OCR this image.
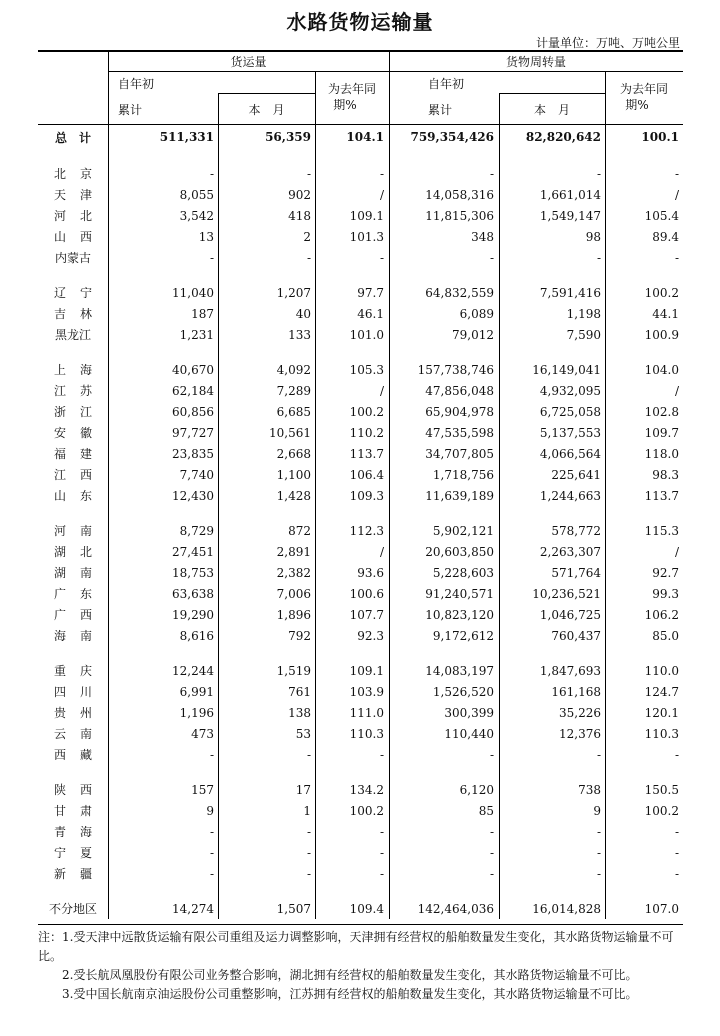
水路货物运输量
计量单位：万吨、万吨公里
货运量	货物周转量
自年初
累计	本　月
为去年同
期%
自年初
累计	本　月
为去年同
期%
总　计	511,331	56,359	104.1	759,354,426	82,820,642	100.1
北京	-	-	-	-	-	-
天津	8,055	902	/	14,058,316	1,661,014	/
河北	3,542	418	109.1	11,815,306	1,549,147	105.4
山西	13	2	101.3	348	98	89.4
内蒙古	-	-	-	-	-	-
辽宁	11,040	1,207	97.7	64,832,559	7,591,416	100.2
吉林	187	40	46.1	6,089	1,198	44.1
黑龙江	1,231	133	101.0	79,012	7,590	100.9
上海	40,670	4,092	105.3	157,738,746	16,149,041	104.0
江苏	62,184	7,289	/	47,856,048	4,932,095	/
浙江	60,856	6,685	100.2	65,904,978	6,725,058	102.8
安徽	97,727	10,561	110.2	47,535,598	5,137,553	109.7
福建	23,835	2,668	113.7	34,707,805	4,066,564	118.0
江西	7,740	1,100	106.4	1,718,756	225,641	98.3
山东	12,430	1,428	109.3	11,639,189	1,244,663	113.7
河南	8,729	872	112.3	5,902,121	578,772	115.3
湖北	27,451	2,891	/	20,603,850	2,263,307	/
湖南	18,753	2,382	93.6	5,228,603	571,764	92.7
广东	63,638	7,006	100.6	91,240,571	10,236,521	99.3
广西	19,290	1,896	107.7	10,823,120	1,046,725	106.2
海南	8,616	792	92.3	9,172,612	760,437	85.0
重庆	12,244	1,519	109.1	14,083,197	1,847,693	110.0
四川	6,991	761	103.9	1,526,520	161,168	124.7
贵州	1,196	138	111.0	300,399	35,226	120.1
云南	473	53	110.3	110,440	12,376	110.3
西藏	-	-	-	-	-	-
陕西	157	17	134.2	6,120	738	150.5
甘肃	9	1	100.2	85	9	100.2
青海	-	-	-	-	-	-
宁夏	-	-	-	-	-	-
新疆	-	-	-	-	-	-
不分地区	14,274	1,507	109.4	142,464,036	16,014,828	107.0

注：1.受天津中远散货运输有限公司重组及运力调整影响，天津拥有经营权的船舶数量发生变化，其水路货物运输量不可比。

2.受长航凤凰股份有限公司业务整合影响，湖北拥有经营权的船舶数量发生变化，其水路货物运输量不可比。

3.受中国长航南京油运股份公司重整影响，江苏拥有经营权的船舶数量发生变化，其水路货物运输量不可比。
